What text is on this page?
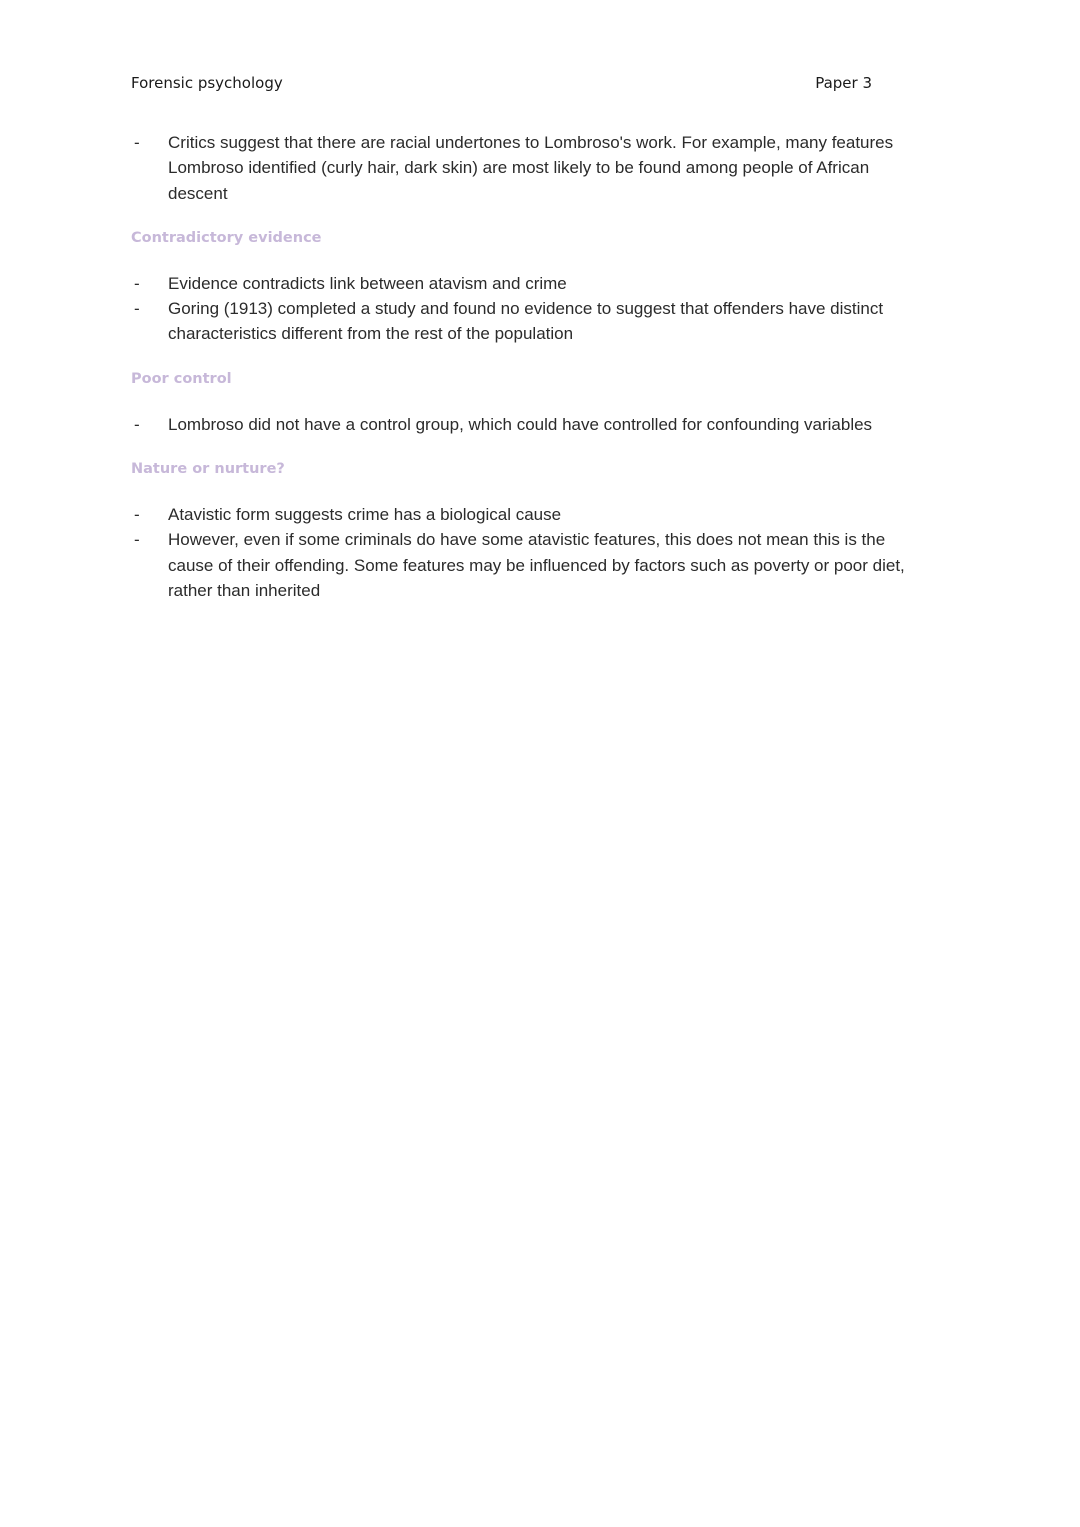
Forensic psychology	Paper 3
- Critics suggest that there are racial undertones to Lombroso's work. For example, many features Lombroso identified (curly hair, dark skin) are most likely to be found among people of African descent
Contradictory evidence
- Evidence contradicts link between atavism and crime
- Goring (1913) completed a study and found no evidence to suggest that offenders have distinct characteristics different from the rest of the population
Poor control
- Lombroso did not have a control group, which could have controlled for confounding variables
Nature or nurture?
- Atavistic form suggests crime has a biological cause
- However, even if some criminals do have some atavistic features, this does not mean this is the cause of their offending. Some features may be influenced by factors such as poverty or poor diet, rather than inherited
